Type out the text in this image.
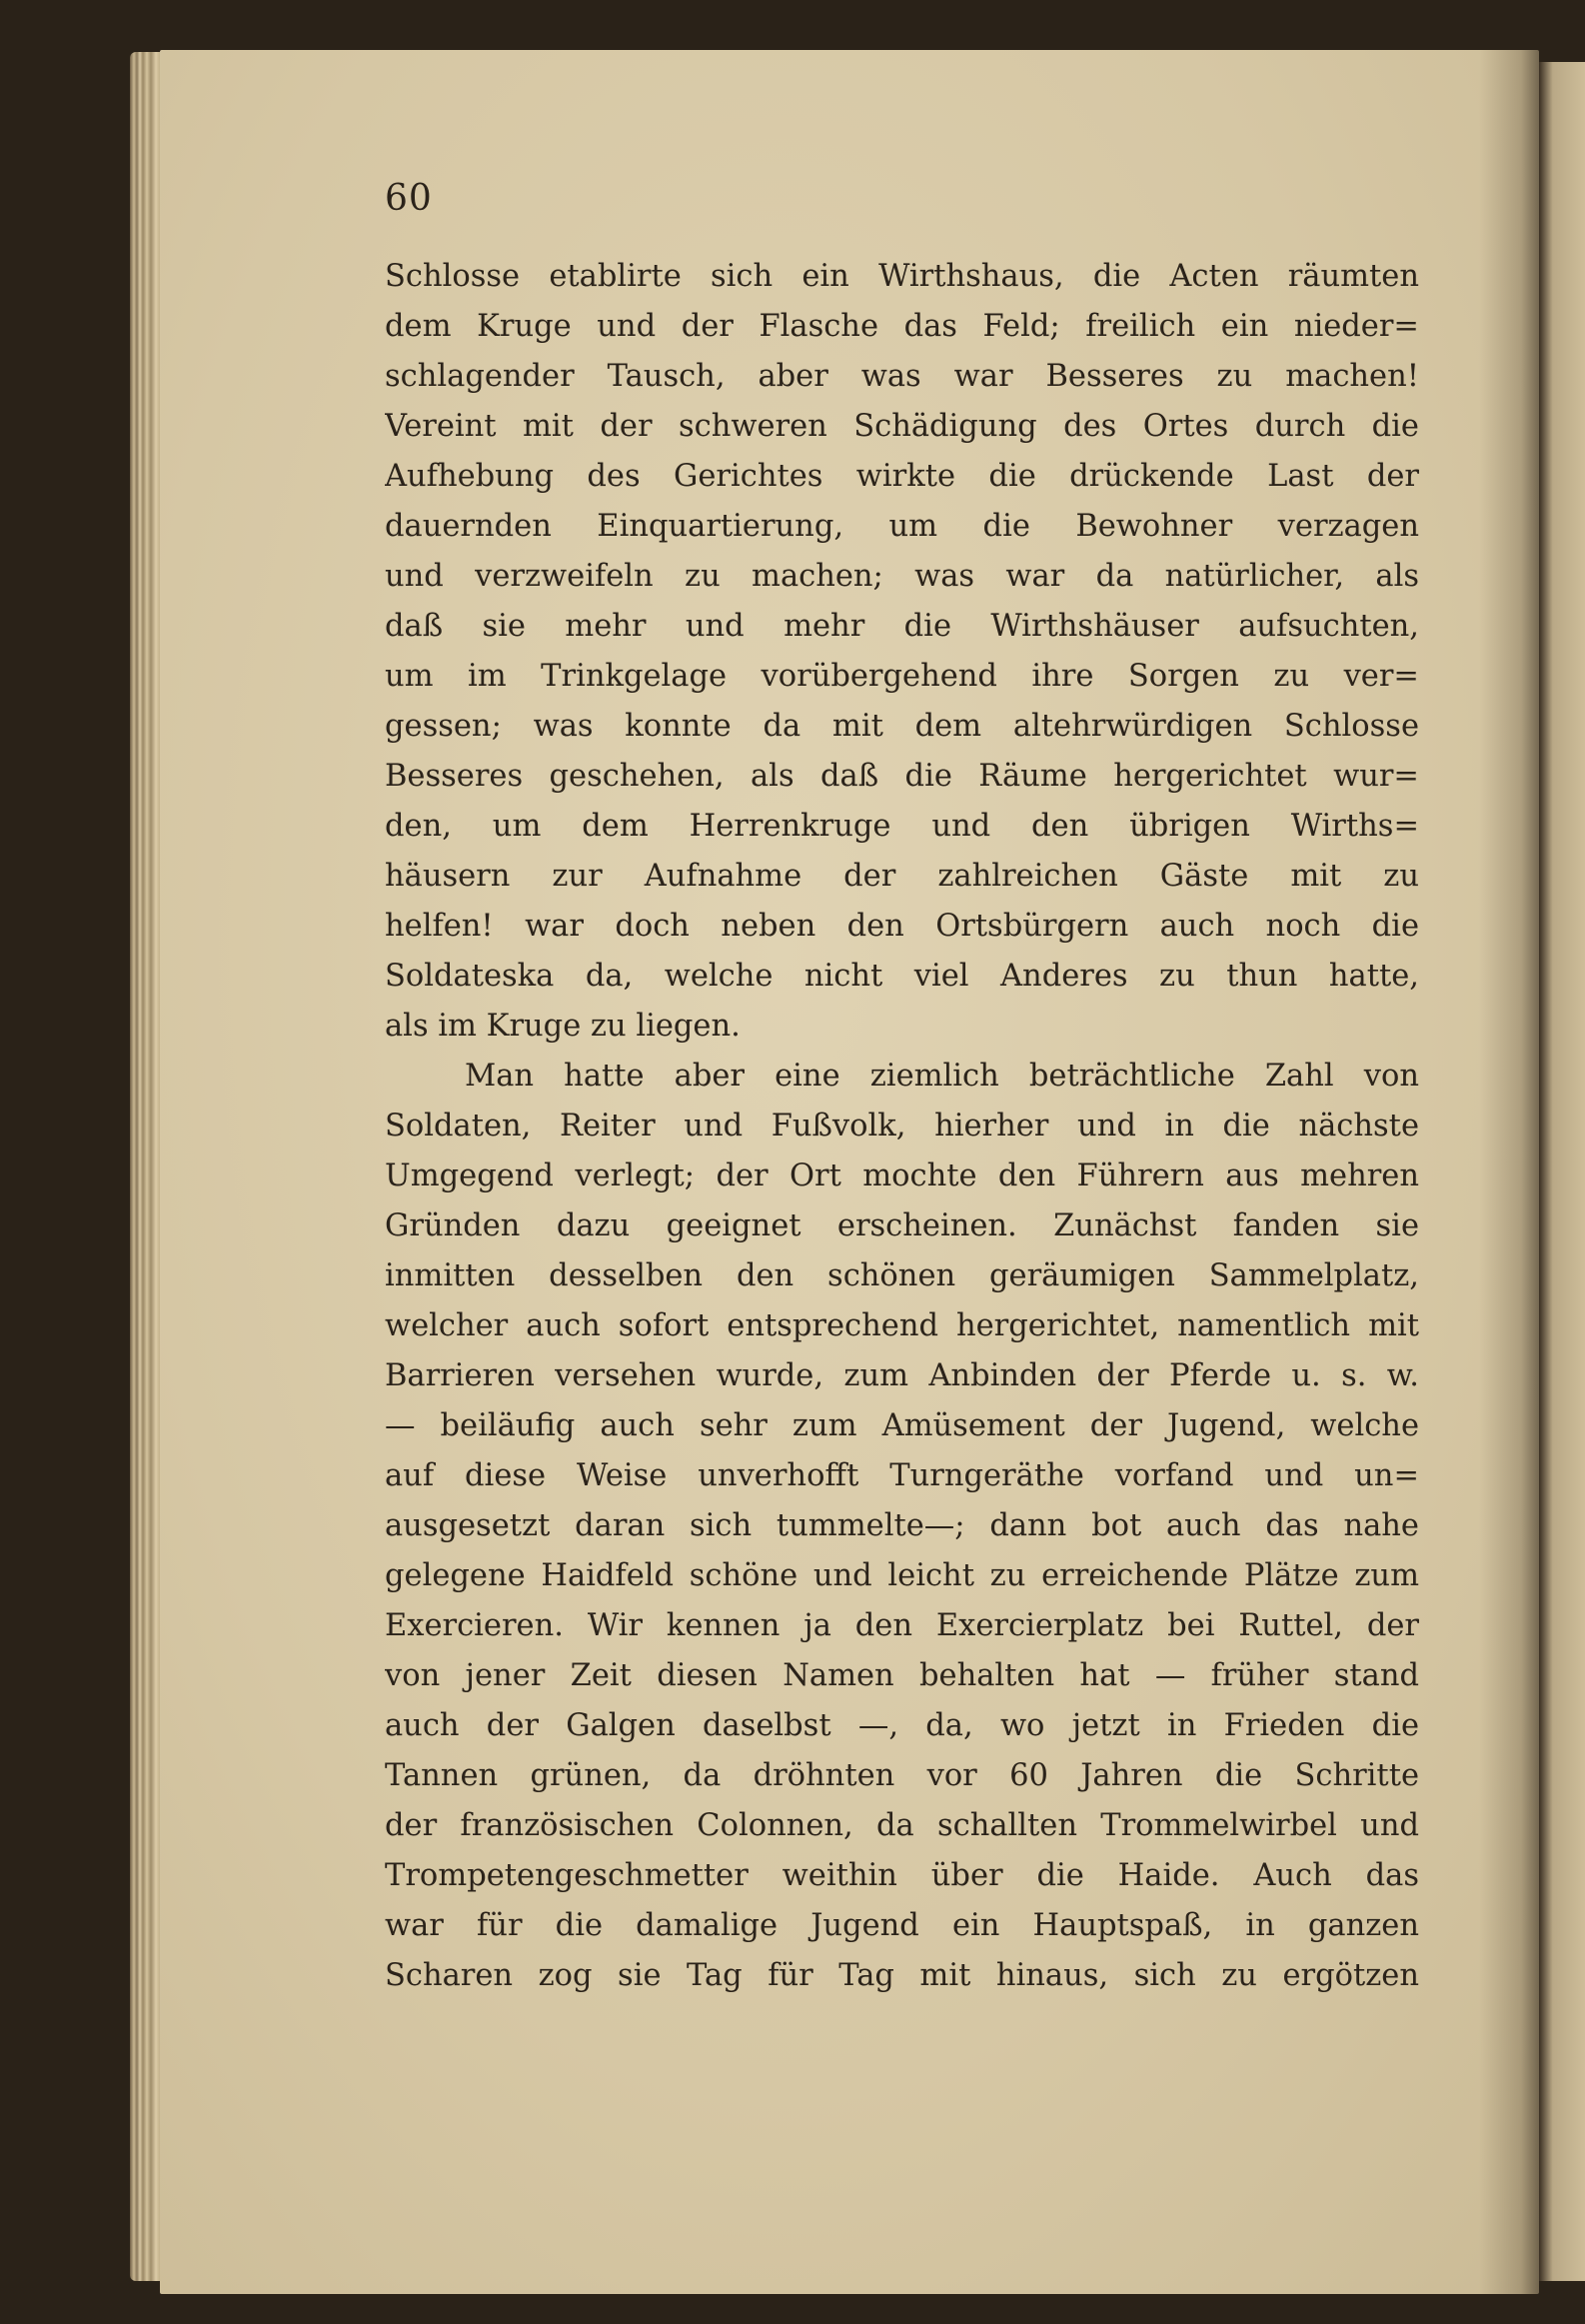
60
Schlosse etablirte sich ein Wirthshaus, die Acten räumten
dem Kruge und der Flasche das Feld; freilich ein nieder=
schlagender Tausch, aber was war Besseres zu machen!
Vereint mit der schweren Schädigung des Ortes durch die
Aufhebung des Gerichtes wirkte die drückende Last der
dauernden Einquartierung, um die Bewohner verzagen
und verzweifeln zu machen; was war da natürlicher, als
daß sie mehr und mehr die Wirthshäuser aufsuchten,
um im Trinkgelage vorübergehend ihre Sorgen zu ver=
gessen; was konnte da mit dem altehrwürdigen Schlosse
Besseres geschehen, als daß die Räume hergerichtet wur=
den, um dem Herrenkruge und den übrigen Wirths=
häusern zur Aufnahme der zahlreichen Gäste mit zu
helfen! war doch neben den Ortsbürgern auch noch die
Soldateska da, welche nicht viel Anderes zu thun hatte,
als im Kruge zu liegen.
Man hatte aber eine ziemlich beträchtliche Zahl von
Soldaten, Reiter und Fußvolk, hierher und in die nächste
Umgegend verlegt; der Ort mochte den Führern aus mehren
Gründen dazu geeignet erscheinen. Zunächst fanden sie
inmitten desselben den schönen geräumigen Sammelplatz,
welcher auch sofort entsprechend hergerichtet, namentlich mit
Barrieren versehen wurde, zum Anbinden der Pferde u. s. w.
— beiläufig auch sehr zum Amüsement der Jugend, welche
auf diese Weise unverhofft Turngeräthe vorfand und un=
ausgesetzt daran sich tummelte—; dann bot auch das nahe
gelegene Haidfeld schöne und leicht zu erreichende Plätze zum
Exercieren. Wir kennen ja den Exercierplatz bei Ruttel, der
von jener Zeit diesen Namen behalten hat — früher stand
auch der Galgen daselbst —, da, wo jetzt in Frieden die
Tannen grünen, da dröhnten vor 60 Jahren die Schritte
der französischen Colonnen, da schallten Trommelwirbel und
Trompetengeschmetter weithin über die Haide. Auch das
war für die damalige Jugend ein Hauptspaß, in ganzen
Scharen zog sie Tag für Tag mit hinaus, sich zu ergötzen
